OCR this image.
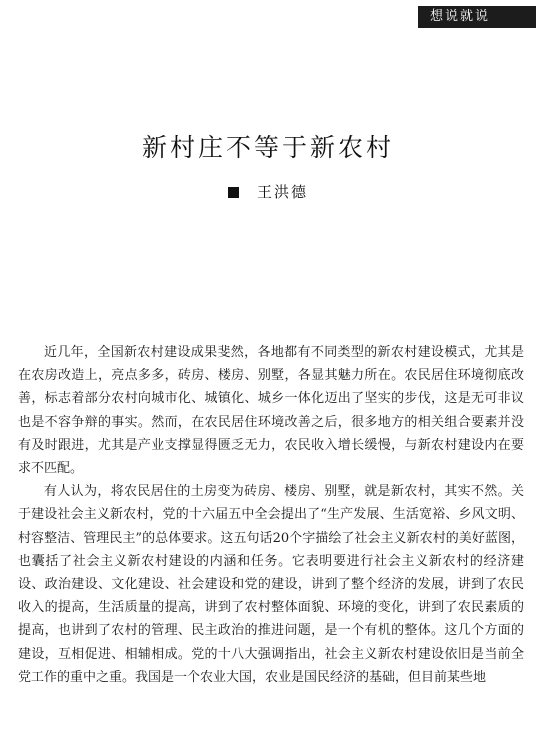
想说就说
新村庄不等于新农村
王洪德

近几年，全国新农村建设成果斐然，各地都有不同类型的新农村建设模式，尤其是在农房改造上，亮点多多，砖房、楼房、别墅，各显其魅力所在。农民居住环境彻底改善，标志着部分农村向城市化、城镇化、城乡一体化迈出了坚实的步伐，这是无可非议也是不容争辩的事实。然而，在农民居住环境改善之后，很多地方的相关组合要素并没有及时跟进，尤其是产业支撑显得匮乏无力，农民收入增长缓慢，与新农村建设内在要求不匹配。

有人认为，将农民居住的土房变为砖房、楼房、别墅，就是新农村，其实不然。关于建设社会主义新农村，党的十六届五中全会提出了“生产发展、生活宽裕、乡风文明、村容整洁、管理民主”的总体要求。这五句话20个字描绘了社会主义新农村的美好蓝图，也囊括了社会主义新农村建设的内涵和任务。它表明要进行社会主义新农村的经济建设、政治建设、文化建设、社会建设和党的建设，讲到了整个经济的发展，讲到了农民收入的提高，生活质量的提高，讲到了农村整体面貌、环境的变化，讲到了农民素质的提高，也讲到了农村的管理、民主政治的推进问题，是一个有机的整体。这几个方面的建设，互相促进、相辅相成。党的十八大强调指出，社会主义新农村建设依旧是当前全党工作的重中之重。我国是一个农业大国，农业是国民经济的基础，但目前某些地
